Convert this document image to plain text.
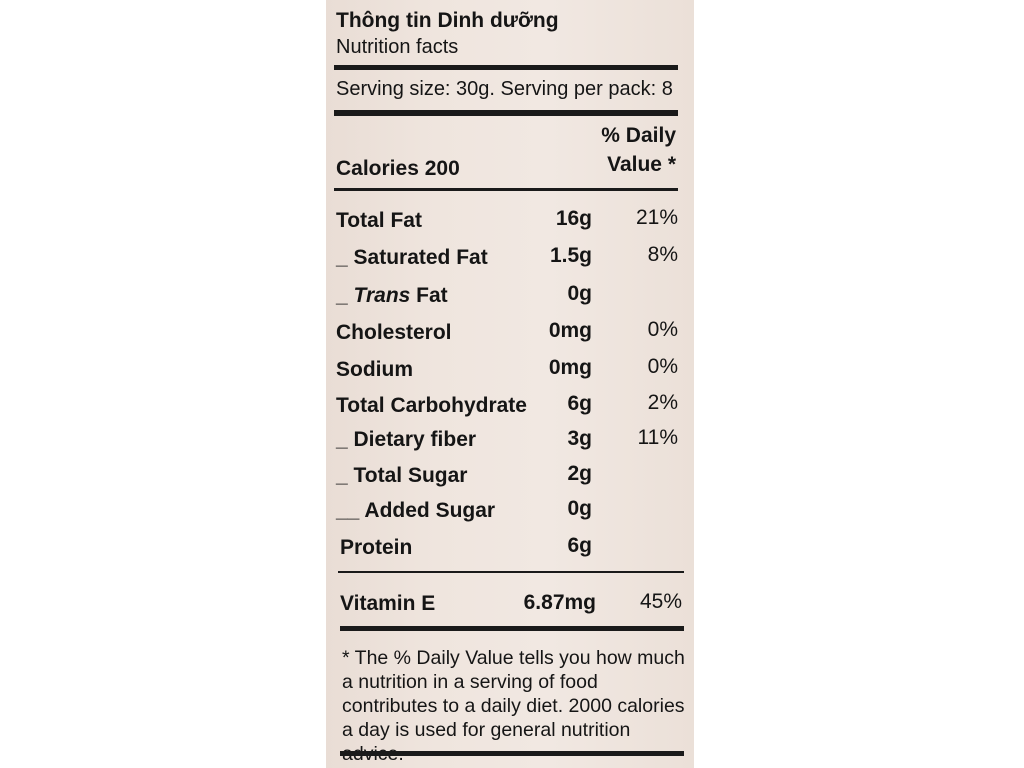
Thông tin Dinh dưỡng
Nutrition facts
Serving size: 30g. Serving per pack: 8
% Daily
Value *
Calories 200
Total Fat	16g 21%
_ Saturated Fat	1.5g	8%
_ Trans Fat	0g
Cholesterol	0mg	0%
Sodium	0mg	0%
Total Carbohydrate 6g	2%
_ Dietary fiber	3g 11%
_ Total Sugar	2g
__ Added Sugar	0g
Protein	6g
Vitamin E	6.87mg 45%
* The % Daily Value tells you how much a nutrition in a serving of food contributes to a daily diet. 2000 calories a day is used for general nutrition
